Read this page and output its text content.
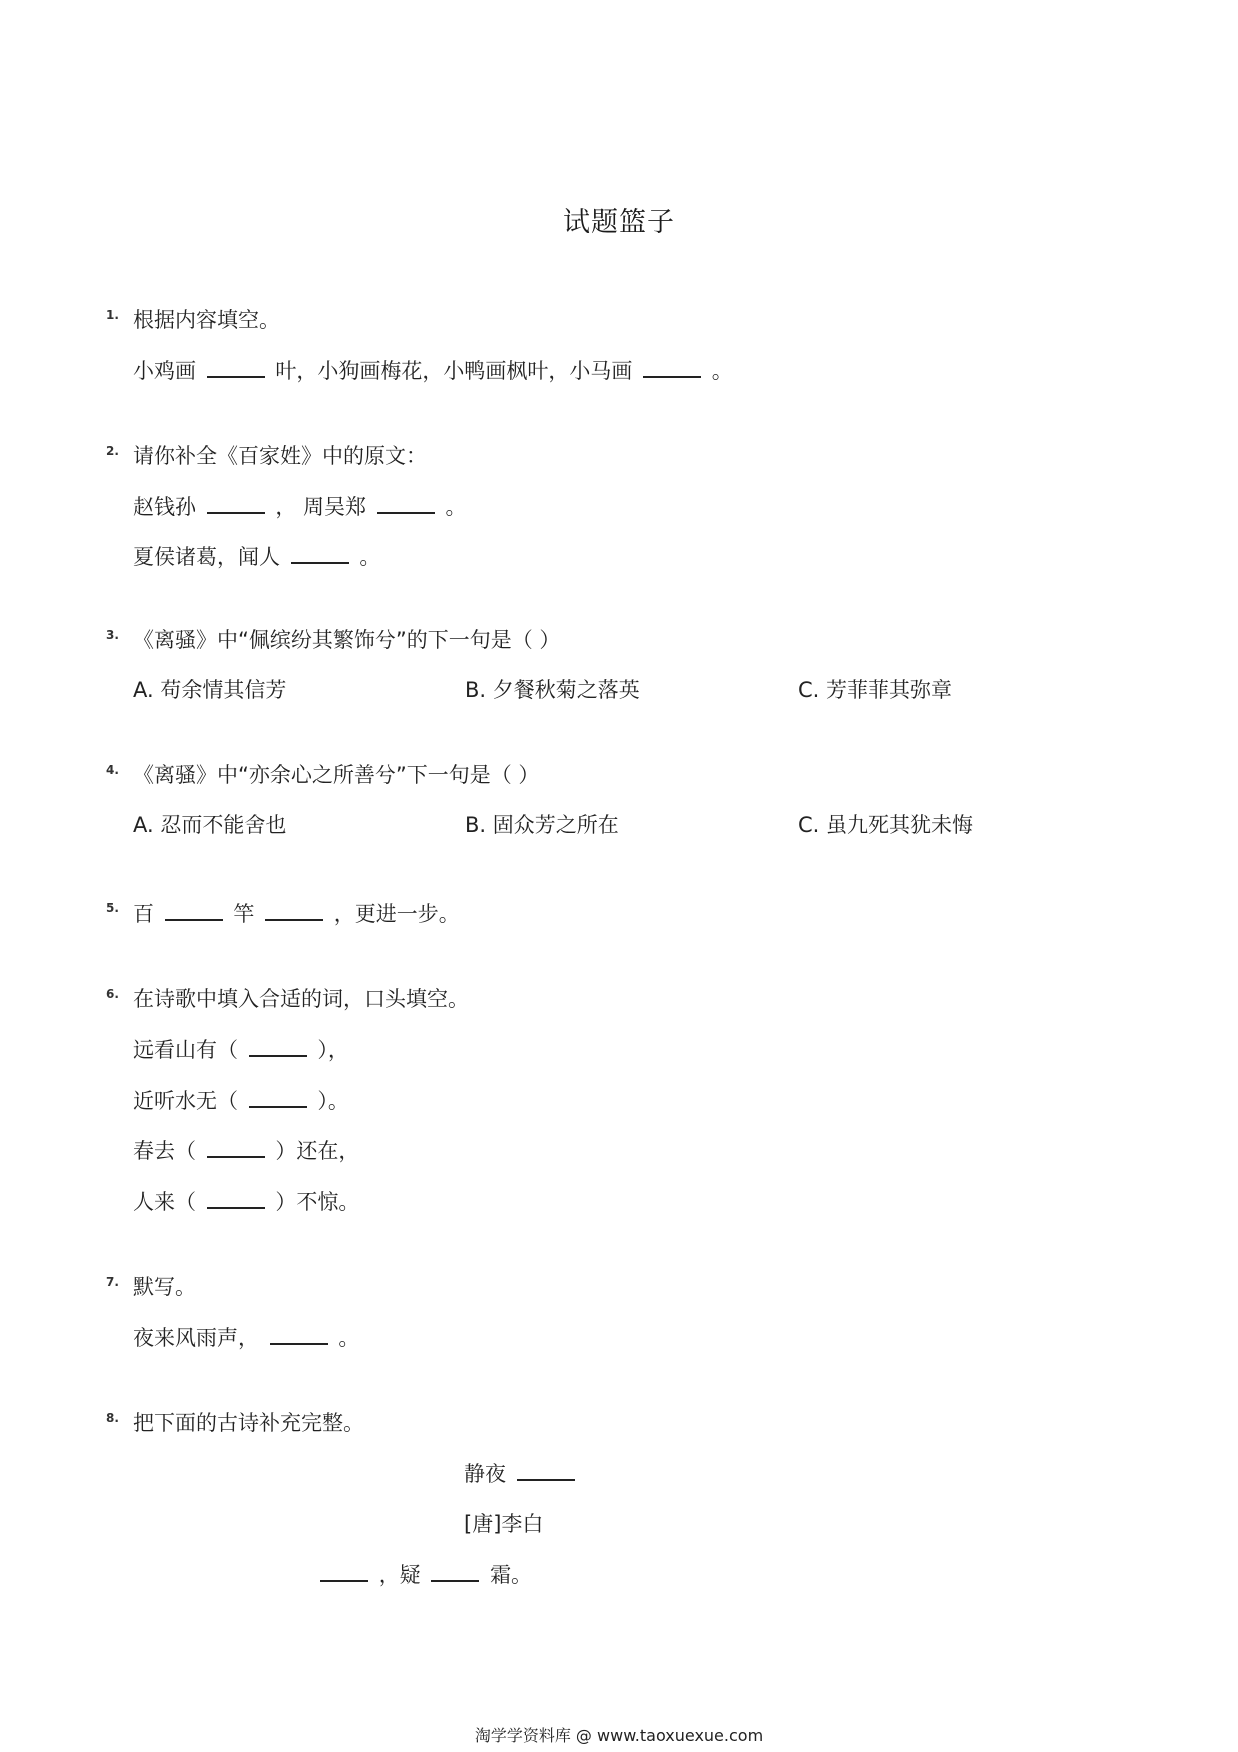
试题篮子
1. 根据内容填空。
小鸡画	叶，小狗画梅花，小鸭画枫叶，小马画	。
2. 请你补全《百家姓》中的原文：
赵钱孙	， 周吴郑	。
夏侯诸葛，闻人	。
3. 《离骚》中“佩缤纷其繁饰兮”的下一句是（ ）
A. 苟余情其信芳	B. 夕餐秋菊之落英	C. 芳菲菲其弥章
4. 《离骚》中“亦余心之所善兮”下一句是（ ）
A. 忍而不能舍也	B. 固众芳之所在	C. 虽九死其犹未悔
5. 百	竿	，更进一步。
6. 在诗歌中填入合适的词，口头填空。
远看山有（	），
近听水无（	）。
春去（	）还在，
人来（	）不惊。
7. 默写。
夜来风雨声，	。
8. 把下面的古诗补充完整。
静夜
[唐]李白
，疑	霜。
淘学学资料库 @ www.taoxuexue.com
